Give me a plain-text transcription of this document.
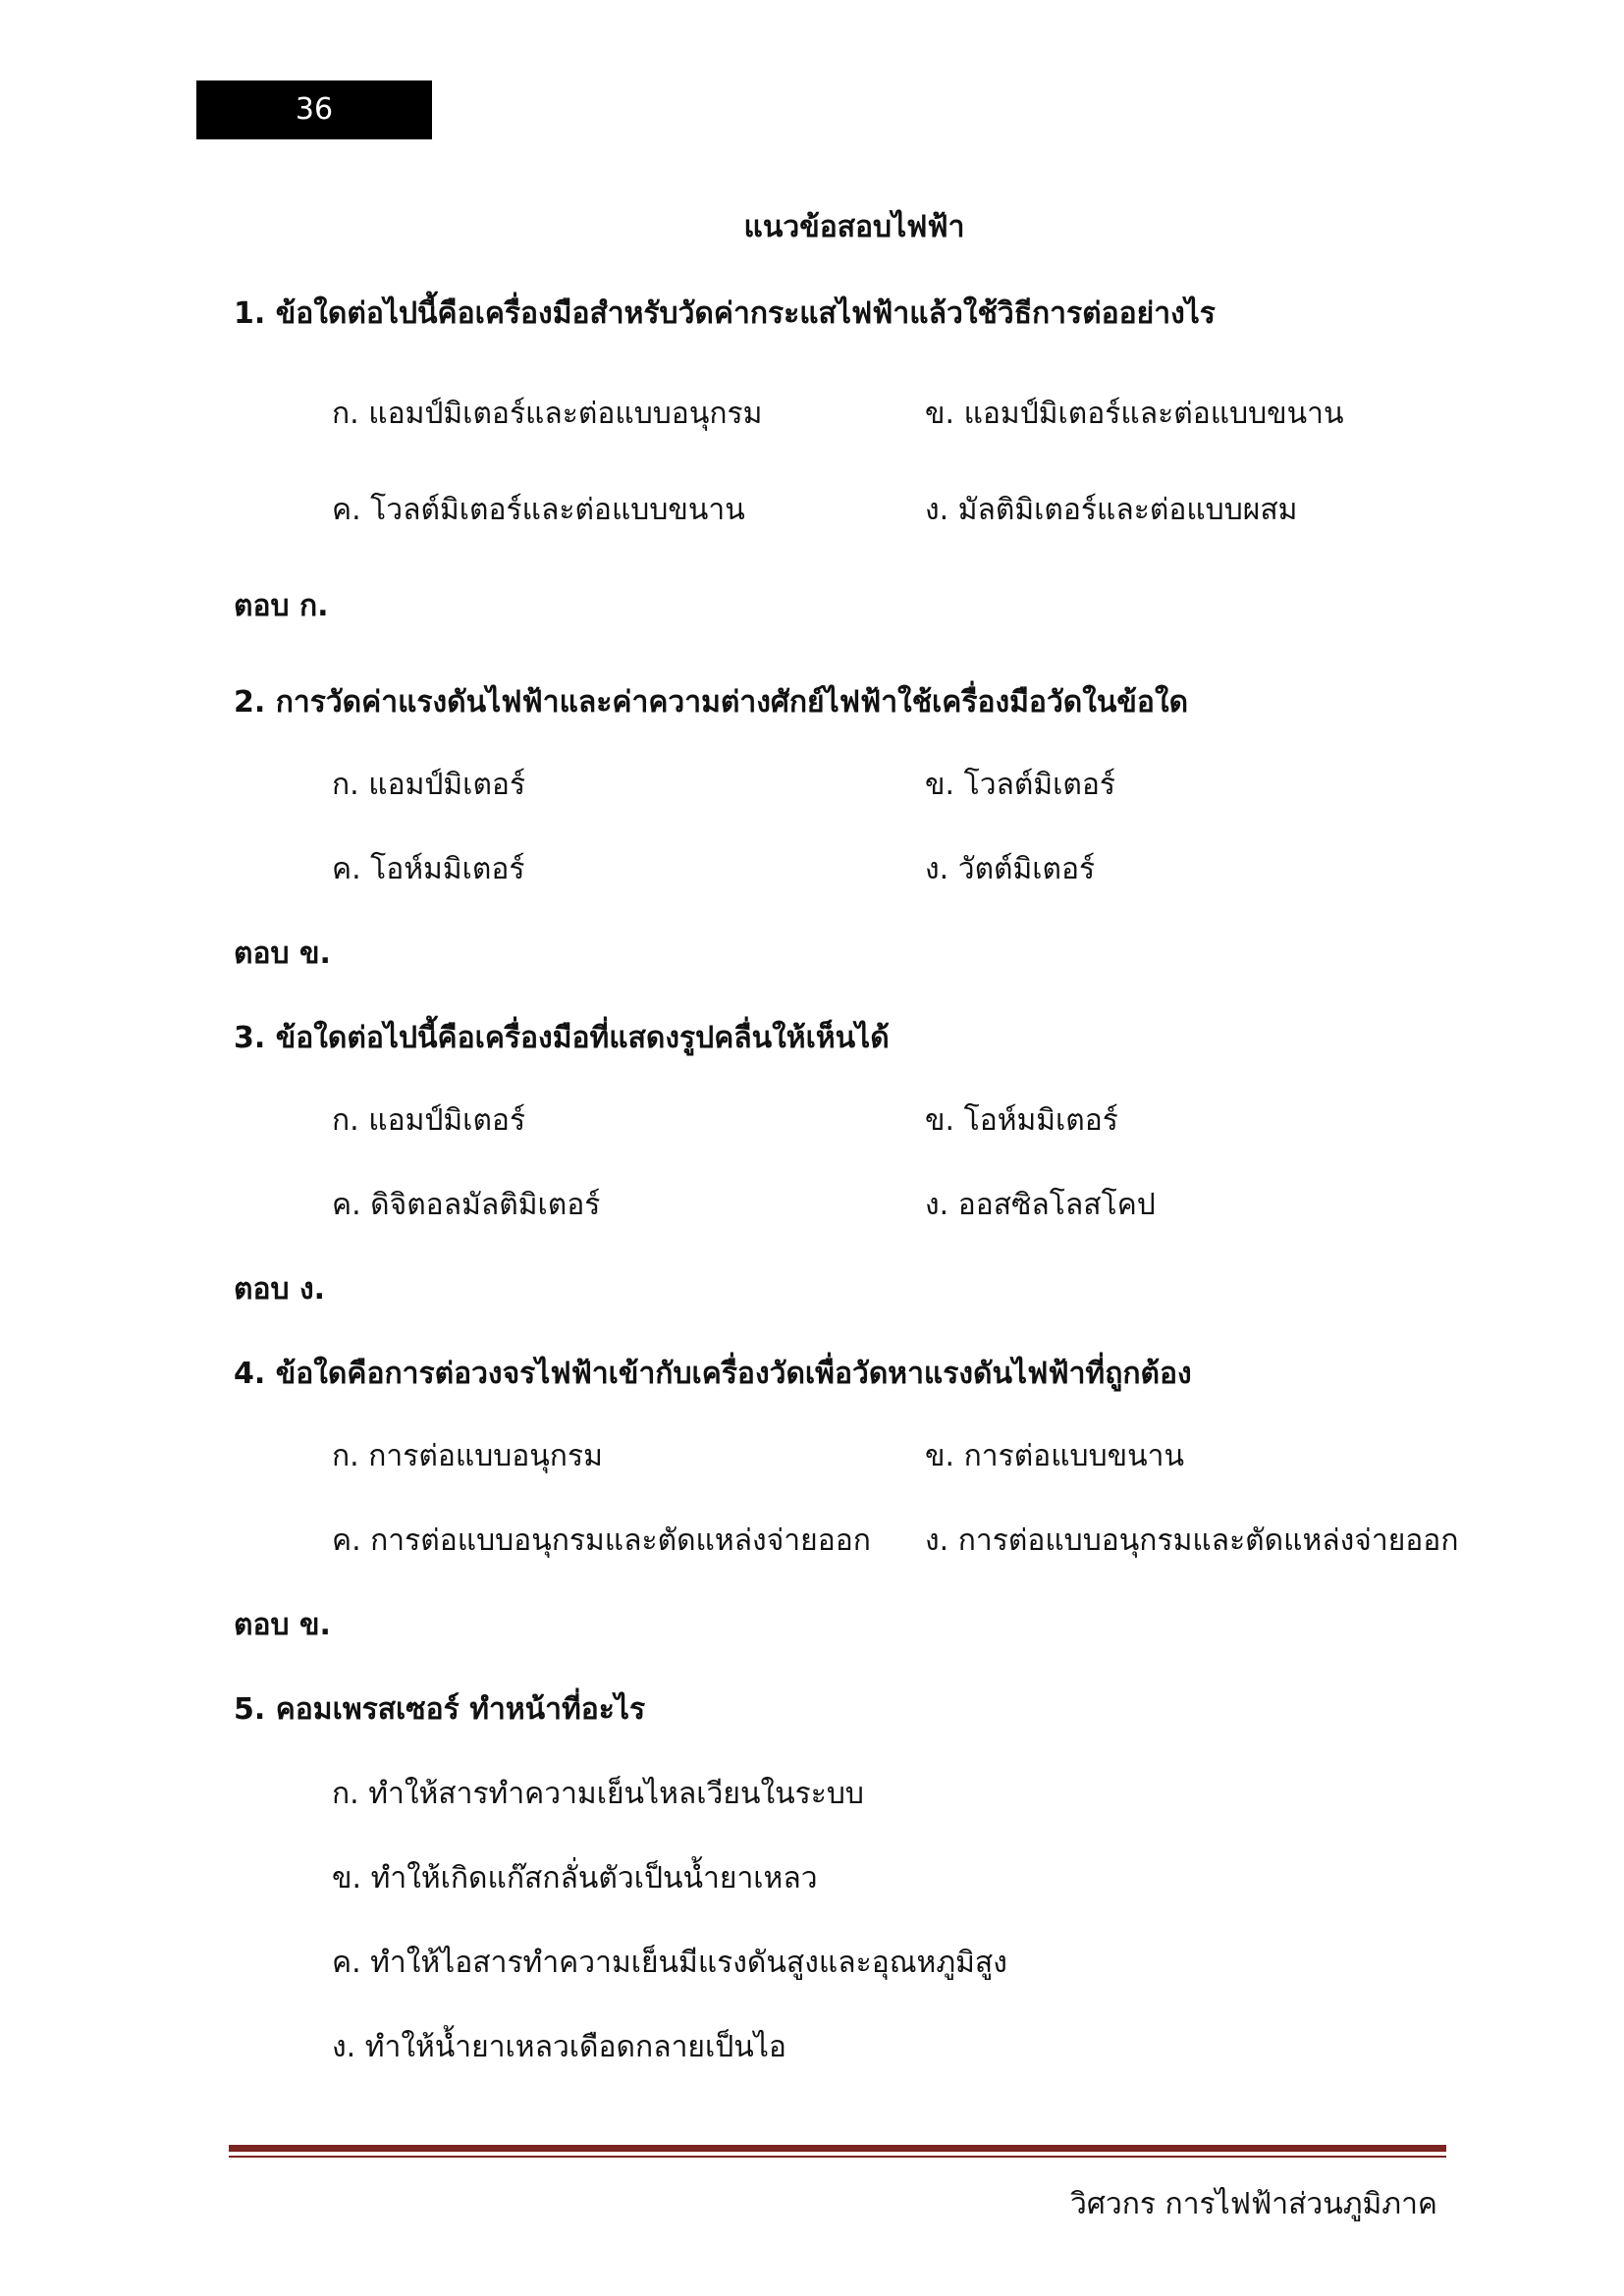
36
แนวข้อสอบไฟฟ้า
1. ข้อใดต่อไปนี้คือเครื่องมือสำหรับวัดค่ากระแสไฟฟ้าแล้วใช้วิธีการต่ออย่างไร
ก. แอมป์มิเตอร์และต่อแบบอนุกรม	ข. แอมป์มิเตอร์และต่อแบบขนาน
ค. โวลต์มิเตอร์และต่อแบบขนาน	ง. มัลติมิเตอร์และต่อแบบผสม
ตอบ ก.
2. การวัดค่าแรงดันไฟฟ้าและค่าความต่างศักย์ไฟฟ้าใช้เครื่องมือวัดในข้อใด
ก. แอมป์มิเตอร์	ข. โวลต์มิเตอร์
ค. โอห์มมิเตอร์	ง. วัตต์มิเตอร์
ตอบ ข.
3. ข้อใดต่อไปนี้คือเครื่องมือที่แสดงรูปคลื่นให้เห็นได้
ก. แอมป์มิเตอร์	ข. โอห์มมิเตอร์
ค. ดิจิตอลมัลติมิเตอร์	ง. ออสซิลโลสโคป
ตอบ ง.
4. ข้อใดคือการต่อวงจรไฟฟ้าเข้ากับเครื่องวัดเพื่อวัดหาแรงดันไฟฟ้าที่ถูกต้อง
ก. การต่อแบบอนุกรม	ข. การต่อแบบขนาน
ค. การต่อแบบอนุกรมและตัดแหล่งจ่ายออก ง. การต่อแบบอนุกรมและตัดแหล่งจ่ายออก
ตอบ ข.
5. คอมเพรสเซอร์ ทำหน้าที่อะไร
ก. ทำให้สารทำความเย็นไหลเวียนในระบบ
ข. ทำให้เกิดแก๊สกลั่นตัวเป็นน้ำยาเหลว
ค. ทำให้ไอสารทำความเย็นมีแรงดันสูงและอุณหภูมิสูง
ง. ทำให้น้ำยาเหลวเดือดกลายเป็นไอ
วิศวกร การไฟฟ้าส่วนภูมิภาค
